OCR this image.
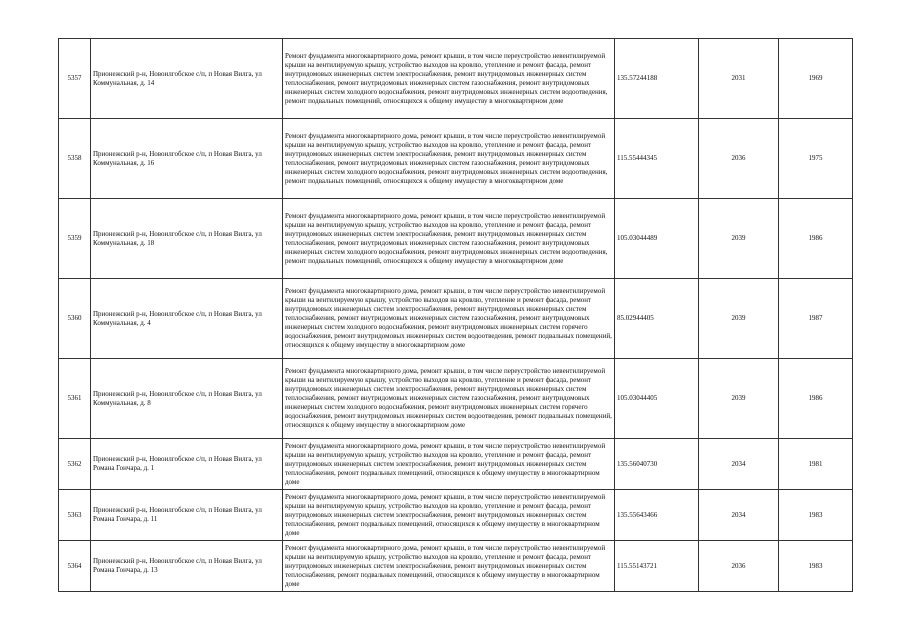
5357	Прионежский р-н, Новоилгобское с/п, п Новая Вилга, ул Коммунальная, д. 14	Ремонт фундамента многоквартирного дома, ремонт крыши, в том числе переустройство невентилируемой крыши на вентилируемую крышу, устройство выходов на кровлю, утепление и ремонт фасада, ремонт внутридомовых инженерных систем электроснабжения, ремонт внутридомовых инженерных систем теплоснабжения, ремонт внутридомовых инженерных систем газоснабжения, ремонт внутридомовых инженерных систем холодного водоснабжения, ремонт внутридомовых инженерных систем водоотведения, ремонт подвальных помещений, относящихся к общему имуществу в многоквартирном доме	135.57244188	2031	1969
5358	Прионежский р-н, Новоилгобское с/п, п Новая Вилга, ул Коммунальная, д. 16	Ремонт фундамента многоквартирного дома, ремонт крыши, в том числе переустройство невентилируемой крыши на вентилируемую крышу, устройство выходов на кровлю, утепление и ремонт фасада, ремонт внутридомовых инженерных систем электроснабжения, ремонт внутридомовых инженерных систем теплоснабжения, ремонт внутридомовых инженерных систем газоснабжения, ремонт внутридомовых инженерных систем холодного водоснабжения, ремонт внутридомовых инженерных систем водоотведения, ремонт подвальных помещений, относящихся к общему имуществу в многоквартирном доме	115.55444345	2036	1975
5359	Прионежский р-н, Новоилгобское с/п, п Новая Вилга, ул Коммунальная, д. 18	Ремонт фундамента многоквартирного дома, ремонт крыши, в том числе переустройство невентилируемой крыши на вентилируемую крышу, устройство выходов на кровлю, утепление и ремонт фасада, ремонт внутридомовых инженерных систем электроснабжения, ремонт внутридомовых инженерных систем теплоснабжения, ремонт внутридомовых инженерных систем газоснабжения, ремонт внутридомовых инженерных систем холодного водоснабжения, ремонт внутридомовых инженерных систем водоотведения, ремонт подвальных помещений, относящихся к общему имуществу в многоквартирном доме	105.03044489	2039	1986
5360	Прионежский р-н, Новоилгобское с/п, п Новая Вилга, ул Коммунальная, д. 4	Ремонт фундамента многоквартирного дома, ремонт крыши, в том числе переустройство невентилируемой крыши на вентилируемую крышу, устройство выходов на кровлю, утепление и ремонт фасада, ремонт внутридомовых инженерных систем электроснабжения, ремонт внутридомовых инженерных систем теплоснабжения, ремонт внутридомовых инженерных систем газоснабжения, ремонт внутридомовых инженерных систем холодного водоснабжения, ремонт внутридомовых инженерных систем горячего водоснабжения, ремонт внутридомовых инженерных систем водоотведения, ремонт подвальных помещений, относящихся к общему имуществу в многоквартирном доме	85.02944405	2039	1987
5361	Прионежский р-н, Новоилгобское с/п, п Новая Вилга, ул Коммунальная, д. 8	Ремонт фундамента многоквартирного дома, ремонт крыши, в том числе переустройство невентилируемой крыши на вентилируемую крышу, устройство выходов на кровлю, утепление и ремонт фасада, ремонт внутридомовых инженерных систем электроснабжения, ремонт внутридомовых инженерных систем теплоснабжения, ремонт внутридомовых инженерных систем газоснабжения, ремонт внутридомовых инженерных систем холодного водоснабжения, ремонт внутридомовых инженерных систем горячего водоснабжения, ремонт внутридомовых инженерных систем водоотведения, ремонт подвальных помещений, относящихся к общему имуществу в многоквартирном доме	105.03044405	2039	1986
5362	Прионежский р-н, Новоилгобское с/п, п Новая Вилга, ул Романа Гончара, д. 1	Ремонт фундамента многоквартирного дома, ремонт крыши, в том числе переустройство невентилируемой крыши на вентилируемую крышу, устройство выходов на кровлю, утепление и ремонт фасада, ремонт внутридомовых инженерных систем электроснабжения, ремонт внутридомовых инженерных систем теплоснабжения, ремонт подвальных помещений, относящихся к общему имуществу в многоквартирном доме	135.56040730	2034	1981
5363	Прионежский р-н, Новоилгобское с/п, п Новая Вилга, ул Романа Гончара, д. 11	Ремонт фундамента многоквартирного дома, ремонт крыши, в том числе переустройство невентилируемой крыши на вентилируемую крышу, устройство выходов на кровлю, утепление и ремонт фасада, ремонт внутридомовых инженерных систем электроснабжения, ремонт внутридомовых инженерных систем теплоснабжения, ремонт подвальных помещений, относящихся к общему имуществу в многоквартирном доме	135.55643466	2034	1983
5364	Прионежский р-н, Новоилгобское с/п, п Новая Вилга, ул Романа Гончара, д. 13	Ремонт фундамента многоквартирного дома, ремонт крыши, в том числе переустройство невентилируемой крыши на вентилируемую крышу, устройство выходов на кровлю, утепление и ремонт фасада, ремонт внутридомовых инженерных систем электроснабжения, ремонт внутридомовых инженерных систем теплоснабжения, ремонт подвальных помещений, относящихся к общему имуществу в многоквартирном доме	115.55143721	2036	1983
